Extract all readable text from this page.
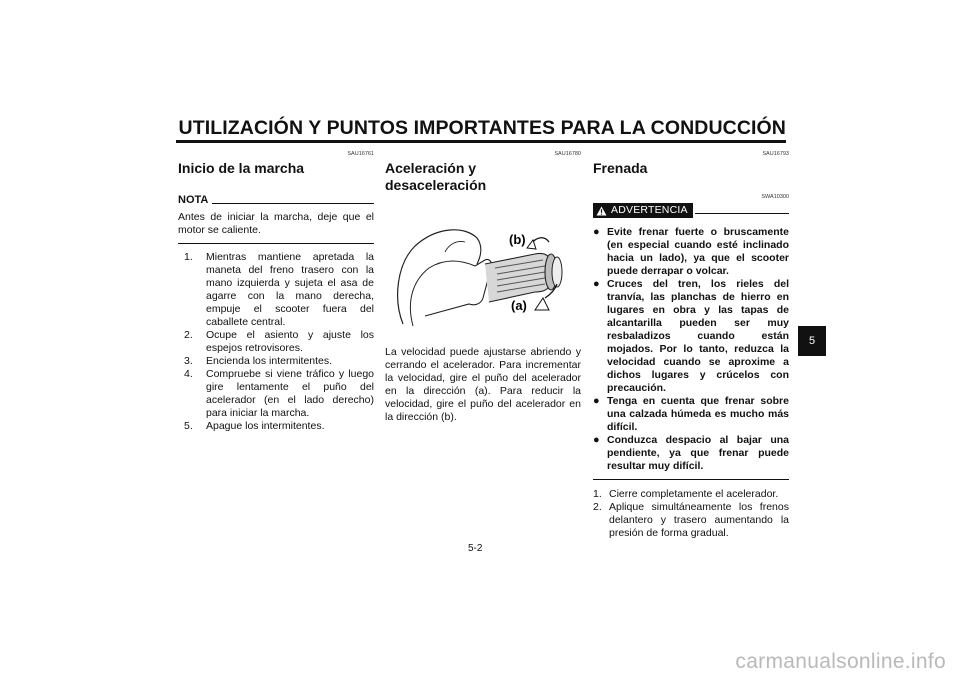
UTILIZACIÓN Y PUNTOS IMPORTANTES PARA LA CONDUCCIÓN
5
SAU16761
Inicio de la marcha
NOTA
Antes de iniciar la marcha, deje que el motor se caliente.
1.	Mientras mantiene apretada la maneta del freno trasero con la mano izquierda y sujeta el asa de agarre con la mano derecha, empuje el scooter fuera del caballete central.
2.	Ocupe el asiento y ajuste los espejos retrovisores.
3.	Encienda los intermitentes.
4.	Compruebe si viene tráfico y luego gire lentamente el puño del acelerador (en el lado derecho) para iniciar la marcha.
5.	Apague los intermitentes.
SAU16780
Aceleración y desaceleración
(b)
(a)
La velocidad puede ajustarse abriendo y cerrando el acelerador. Para incrementar la velocidad, gire el puño del acelerador en la dirección (a). Para reducir la velocidad, gire el puño del acelerador en la dirección (b).
SAU16793
Frenada
SWA10300
ADVERTENCIA
● Evite frenar fuerte o bruscamente (en especial cuando esté inclinado hacia un lado), ya que el scooter puede derrapar o volcar.
● Cruces del tren, los rieles del tranvía, las planchas de hierro en lugares en obra y las tapas de alcantarilla pueden ser muy resbaladizos cuando están mojados. Por lo tanto, reduzca la velocidad cuando se aproxime a dichos lugares y crúcelos con precaución.
● Tenga en cuenta que frenar sobre una calzada húmeda es mucho más difícil.
● Conduzca despacio al bajar una pendiente, ya que frenar puede resultar muy difícil.
1. Cierre completamente el acelerador.
2. Aplique simultáneamente los frenos delantero y trasero aumentando la presión de forma gradual.
5-2
carmanualsonline.info
